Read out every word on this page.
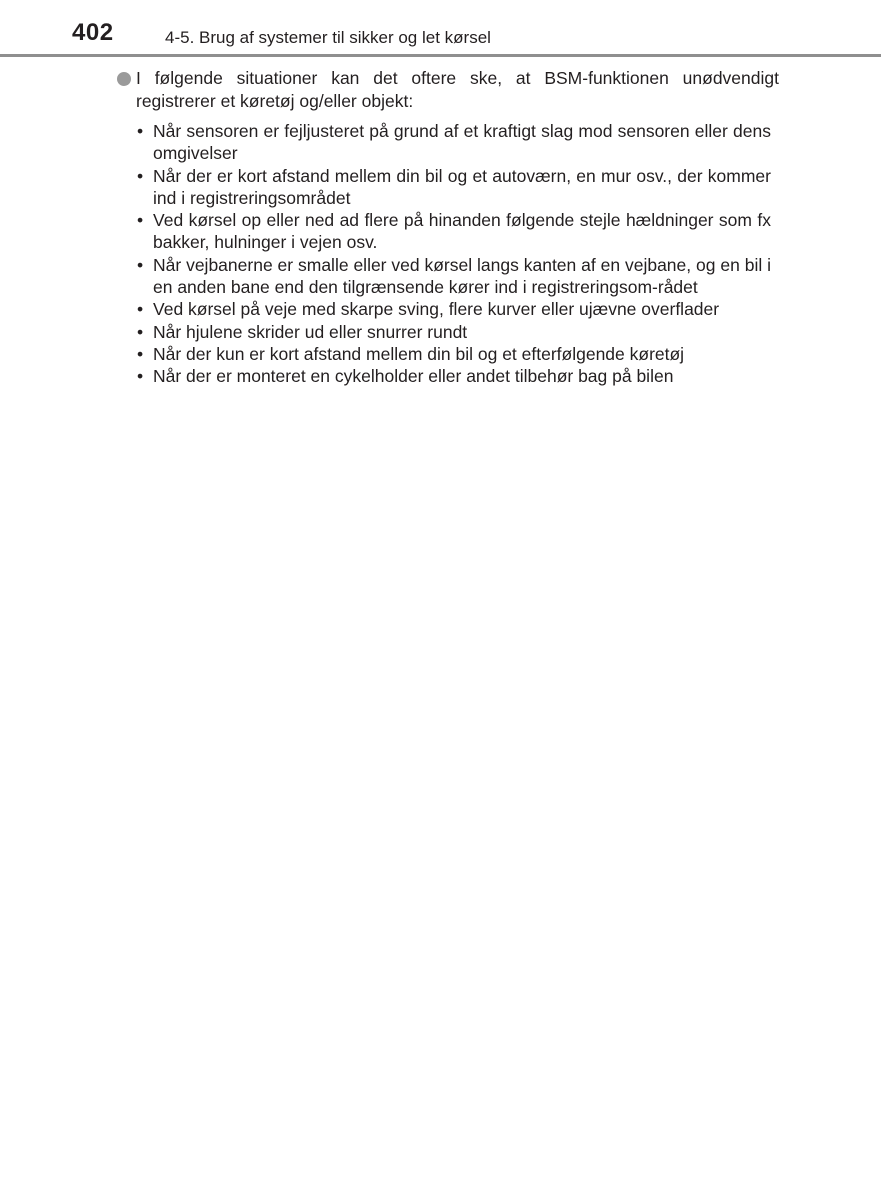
402	4-5. Brug af systemer til sikker og let kørsel
I følgende situationer kan det oftere ske, at BSM-funktionen unødvendigt registrerer et køretøj og/eller objekt:
• Når sensoren er fejljusteret på grund af et kraftigt slag mod sensoren eller dens omgivelser
• Når der er kort afstand mellem din bil og et autoværn, en mur osv., der kommer ind i registreringsområdet
• Ved kørsel op eller ned ad flere på hinanden følgende stejle hældninger som fx bakker, hulninger i vejen osv.
• Når vejbanerne er smalle eller ved kørsel langs kanten af en vejbane, og en bil i en anden bane end den tilgrænsende kører ind i registreringsom-rådet
• Ved kørsel på veje med skarpe sving, flere kurver eller ujævne overflader
• Når hjulene skrider ud eller snurrer rundt
• Når der kun er kort afstand mellem din bil og et efterfølgende køretøj
• Når der er monteret en cykelholder eller andet tilbehør bag på bilen
